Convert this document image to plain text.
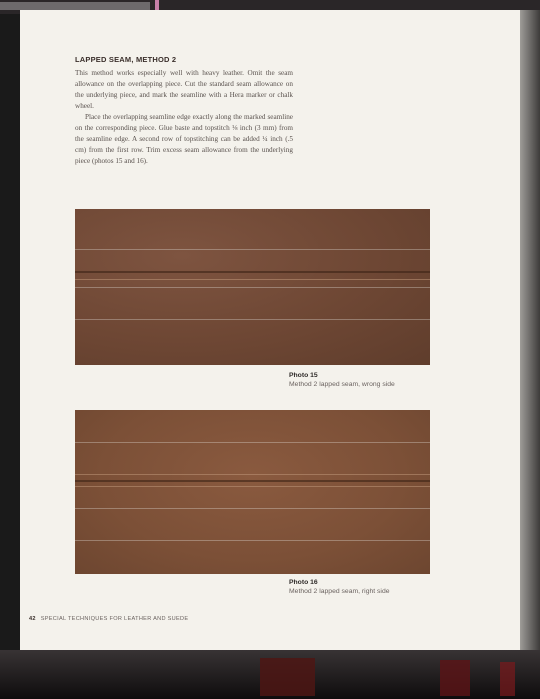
LAPPED SEAM, METHOD 2

This method works especially well with heavy leather. Omit the seam allowance on the overlapping piece. Cut the standard seam allowance on the underlying piece, and mark the seamline with a Hera marker or chalk wheel.

Place the overlapping seamline edge exactly along the marked seamline on the corresponding piece. Glue baste and topstitch ⅛ inch (3 mm) from the seamline edge. A second row of topstitching can be added ¼ inch (.5 cm) from the first row. Trim excess seam allowance from the underlying piece (photos 15 and 16).

Photo 15
Method 2 lapped seam, wrong side
Photo 16
Method 2 lapped seam, right side
42 SPECIAL TECHNIQUES FOR LEATHER AND SUEDE
